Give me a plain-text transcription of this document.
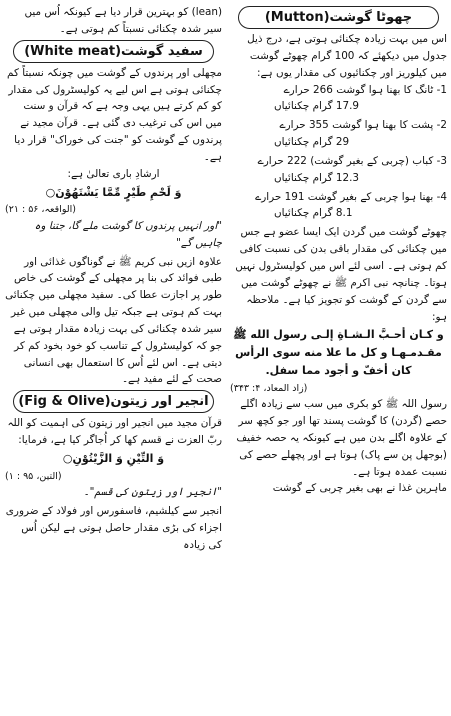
چھوٹا گوشت(Mutton)

اس میں بہت زیادہ چکنائی ہوتی ہے، درج ذیل جدول میں دیکھئے کہ 100 گرام چھوٹے گوشت میں کیلوریز اور چکنائیوں کی مقدار یوں ہے:

1- ٹانگ کا بھنا ہوا گوشت 266 حرارے

17.9 گرام چکنائیاں

2- پشت کا بھنا ہوا گوشت 355 حرارے

29 گرام چکنائیاں

3- کباب (چربی کے بغیر گوشت) 222 حرارے

12.3 گرام چکنائیاں

4- بھنا ہوا چربی کے بغیر گوشت 191 حرارے

8.1 گرام چکنائیاں

چھوٹے گوشت میں گردن ایک ایسا عضو ہے جس میں چکنائی کی مقدار باقی بدن کی نسبت کافی کم ہوتی ہے۔ اسی لئے اس میں کولیسٹرول نہیں ہوتا۔ چنانچہ نبی اکرم ﷺ نے چھوٹے گوشت میں سے گردن کے گوشت کو تجویز کیا ہے۔ ملاحظہ ہو:

و كـان أحـبَّ الـشـاةِ إلـى رسول الله ﷺ مقـدمـهـا و كل ما علا منه سوى الرأس كان أخفّ و أجود مما سفل.

(زاد المعاد، ۴: ۳۴۳)

رسول اللہ ﷺ کو بکری میں سب سے زیادہ اگلے حصے (گردن) کا گوشت پسند تھا اور جو کچھ سر کے علاوہ اگلے بدن میں ہے کیونکہ یہ حصہ خفیف (بوجھل پن سے پاک) ہوتا ہے اور پچھلے حصے کی نسبت عمدہ ہوتا ہے۔

ماہرین غذا نے بھی بغیر چربی کے گوشت

(lean) کو بہترین قرار دیا ہے کیونکہ اُس میں سیر شدہ چکنائی نسبتاً کم ہوتی ہے۔

سفید گوشت(White meat)

مچھلی اور پرندوں کے گوشت میں چونکہ نسبتاً کم چکنائی ہوتی ہے اس لیے یہ کولیسٹرول کی مقدار کو کم کرتے ہیں یہی وجہ ہے کہ قرآن و سنت میں اس کی ترغیب دی گئی ہے۔ قرآن مجید نے پرندوں کے گوشت کو "جنت کی خوراک" قرار دیا ہے۔

ارشادِ باری تعالیٰ ہے:

وَ لَحْمِ طَيْرٍ مِّمَّا يَشْتَهُوْنَ○

(الواقعہ، ۵۶ : ۲۱)

"اور انہیں پرندوں کا گوشت ملے گا، جتنا وہ چاہیں گے"

علاوہ ازیں نبی کریم ﷺ نے گوناگوں غذائی اور طبی فوائد کی بنا پر مچھلی کے گوشت کی خاص طور پر اجازت عطا کی۔ سفید مچھلی میں چکنائی بہت کم ہوتی ہے جبکہ تیل والی مچھلی میں غیر سیر شدہ چکنائی کی بہت زیادہ مقدار ہوتی ہے جو کہ کولیسٹرول کے تناسب کو خود بخود کم کر دیتی ہے۔ اس لئے اُس کا استعمال بھی انسانی صحت کے لئے مفید ہے۔

انجیر اور زیتون(Fig & Olive)

قرآن مجید میں انجیر اور زیتون کی اہمیت کو اللہ ربّ العزت نے قسم کھا کر اُجاگر کیا ہے، فرمایا:

وَ التِّيْنِ وَ الزَّيْتُوْنِ○

(التین، ۹۵ : ۱)

"انجیر اور زیتون کی قسم"۔

انجیر سے کیلشیم، فاسفورس اور فولاد کے ضروری اجزاء کی بڑی مقدار حاصل ہوتی ہے لیکن اُس کی زیادہ
